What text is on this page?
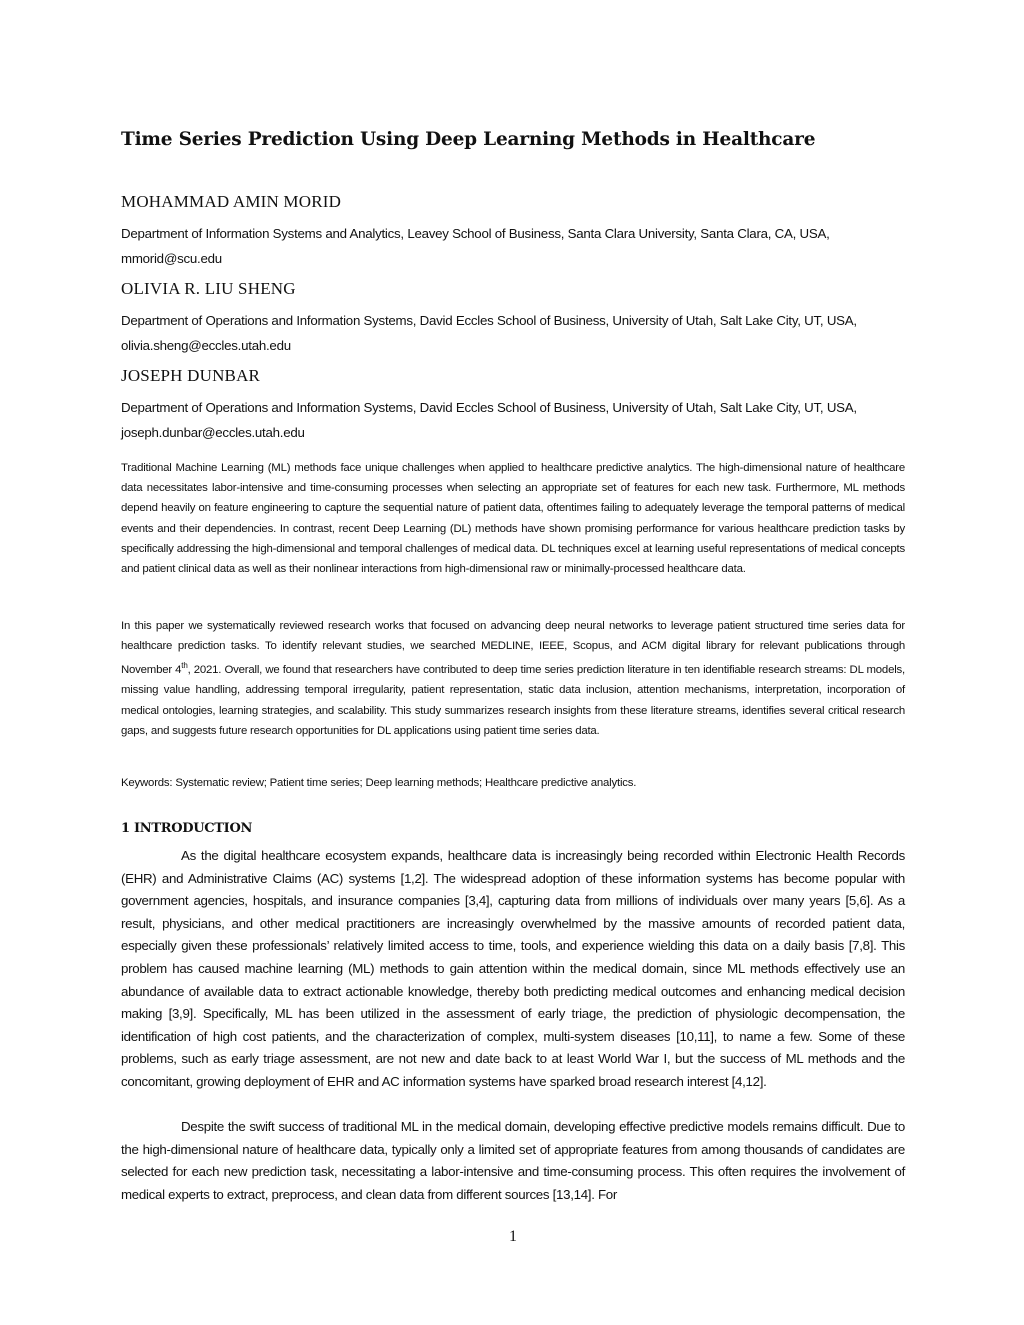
Time Series Prediction Using Deep Learning Methods in Healthcare
MOHAMMAD AMIN MORID

Department of Information Systems and Analytics, Leavey School of Business, Santa Clara University, Santa Clara, CA, USA, mmorid@scu.edu

OLIVIA R. LIU SHENG

Department of Operations and Information Systems, David Eccles School of Business, University of Utah, Salt Lake City, UT, USA, olivia.sheng@eccles.utah.edu

JOSEPH DUNBAR

Department of Operations and Information Systems, David Eccles School of Business, University of Utah, Salt Lake City, UT, USA, joseph.dunbar@eccles.utah.edu

Traditional Machine Learning (ML) methods face unique challenges when applied to healthcare predictive analytics. The high-dimensional nature of healthcare data necessitates labor-intensive and time-consuming processes when selecting an appropriate set of features for each new task. Furthermore, ML methods depend heavily on feature engineering to capture the sequential nature of patient data, oftentimes failing to adequately leverage the temporal patterns of medical events and their dependencies. In contrast, recent Deep Learning (DL) methods have shown promising performance for various healthcare prediction tasks by specifically addressing the high-dimensional and temporal challenges of medical data. DL techniques excel at learning useful representations of medical concepts and patient clinical data as well as their nonlinear interactions from high-dimensional raw or minimally-processed healthcare data.

In this paper we systematically reviewed research works that focused on advancing deep neural networks to leverage patient structured time series data for healthcare prediction tasks. To identify relevant studies, we searched MEDLINE, IEEE, Scopus, and ACM digital library for relevant publications through November 4th, 2021. Overall, we found that researchers have contributed to deep time series prediction literature in ten identifiable research streams: DL models, missing value handling, addressing temporal irregularity, patient representation, static data inclusion, attention mechanisms, interpretation, incorporation of medical ontologies, learning strategies, and scalability. This study summarizes research insights from these literature streams, identifies several critical research gaps, and suggests future research opportunities for DL applications using patient time series data.

Keywords: Systematic review; Patient time series; Deep learning methods; Healthcare predictive analytics.

1 INTRODUCTION

As the digital healthcare ecosystem expands, healthcare data is increasingly being recorded within Electronic Health Records (EHR) and Administrative Claims (AC) systems [1,2]. The widespread adoption of these information systems has become popular with government agencies, hospitals, and insurance companies [3,4], capturing data from millions of individuals over many years [5,6]. As a result, physicians, and other medical practitioners are increasingly overwhelmed by the massive amounts of recorded patient data, especially given these professionals’ relatively limited access to time, tools, and experience wielding this data on a daily basis [7,8]. This problem has caused machine learning (ML) methods to gain attention within the medical domain, since ML methods effectively use an abundance of available data to extract actionable knowledge, thereby both predicting medical outcomes and enhancing medical decision making [3,9]. Specifically, ML has been utilized in the assessment of early triage, the prediction of physiologic decompensation, the identification of high cost patients, and the characterization of complex, multi-system diseases [10,11], to name a few. Some of these problems, such as early triage assessment, are not new and date back to at least World War I, but the success of ML methods and the concomitant, growing deployment of EHR and AC information systems have sparked broad research interest [4,12].

Despite the swift success of traditional ML in the medical domain, developing effective predictive models remains difficult. Due to the high-dimensional nature of healthcare data, typically only a limited set of appropriate features from among thousands of candidates are selected for each new prediction task, necessitating a labor-intensive and time-consuming process. This often requires the involvement of medical experts to extract, preprocess, and clean data from different sources [13,14]. For

1
